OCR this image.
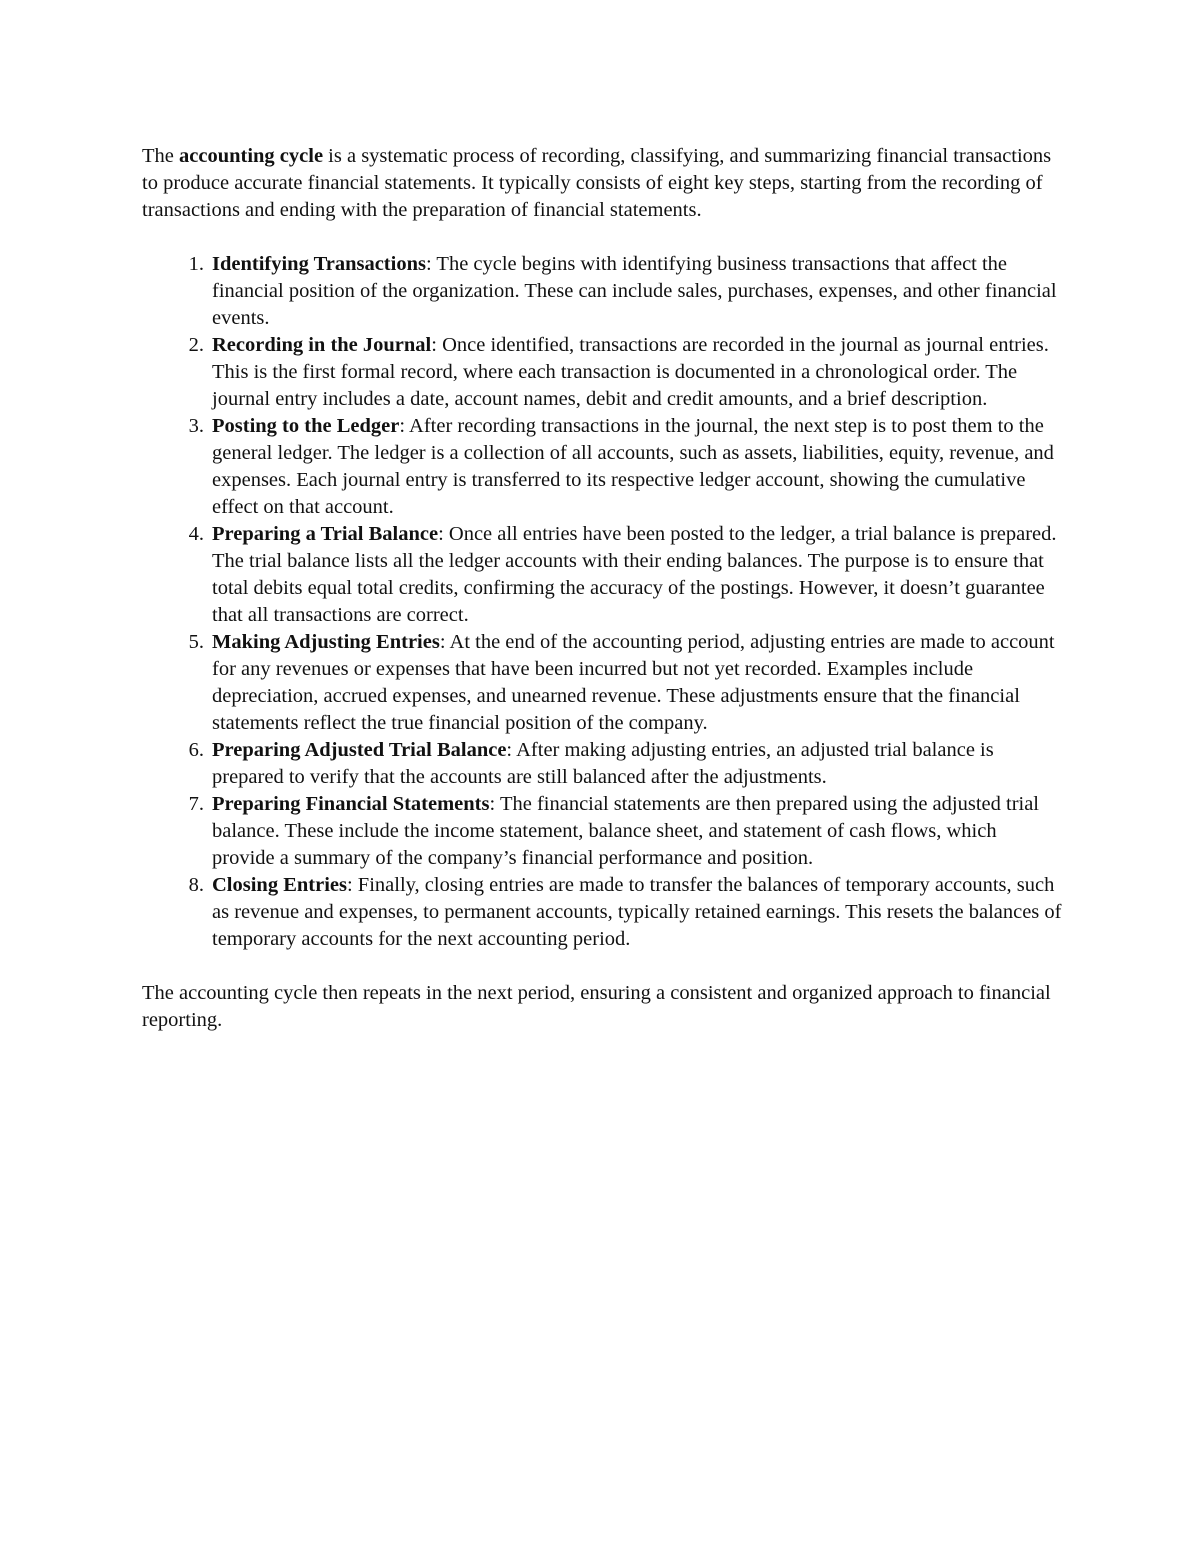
The accounting cycle is a systematic process of recording, classifying, and summarizing financial transactions to produce accurate financial statements. It typically consists of eight key steps, starting from the recording of transactions and ending with the preparation of financial statements.

1. Identifying Transactions: The cycle begins with identifying business transactions that affect the financial position of the organization. These can include sales, purchases, expenses, and other financial events.
2. Recording in the Journal: Once identified, transactions are recorded in the journal as journal entries. This is the first formal record, where each transaction is documented in a chronological order. The journal entry includes a date, account names, debit and credit amounts, and a brief description.
3. Posting to the Ledger: After recording transactions in the journal, the next step is to post them to the general ledger. The ledger is a collection of all accounts, such as assets, liabilities, equity, revenue, and expenses. Each journal entry is transferred to its respective ledger account, showing the cumulative effect on that account.
4. Preparing a Trial Balance: Once all entries have been posted to the ledger, a trial balance is prepared. The trial balance lists all the ledger accounts with their ending balances. The purpose is to ensure that total debits equal total credits, confirming the accuracy of the postings. However, it doesn’t guarantee that all transactions are correct.
5. Making Adjusting Entries: At the end of the accounting period, adjusting entries are made to account for any revenues or expenses that have been incurred but not yet recorded. Examples include depreciation, accrued expenses, and unearned revenue. These adjustments ensure that the financial statements reflect the true financial position of the company.
6. Preparing Adjusted Trial Balance: After making adjusting entries, an adjusted trial balance is prepared to verify that the accounts are still balanced after the adjustments.
7. Preparing Financial Statements: The financial statements are then prepared using the adjusted trial balance. These include the income statement, balance sheet, and statement of cash flows, which provide a summary of the company’s financial performance and position.
8. Closing Entries: Finally, closing entries are made to transfer the balances of temporary accounts, such as revenue and expenses, to permanent accounts, typically retained earnings. This resets the balances of temporary accounts for the next accounting period.

The accounting cycle then repeats in the next period, ensuring a consistent and organized approach to financial reporting.
